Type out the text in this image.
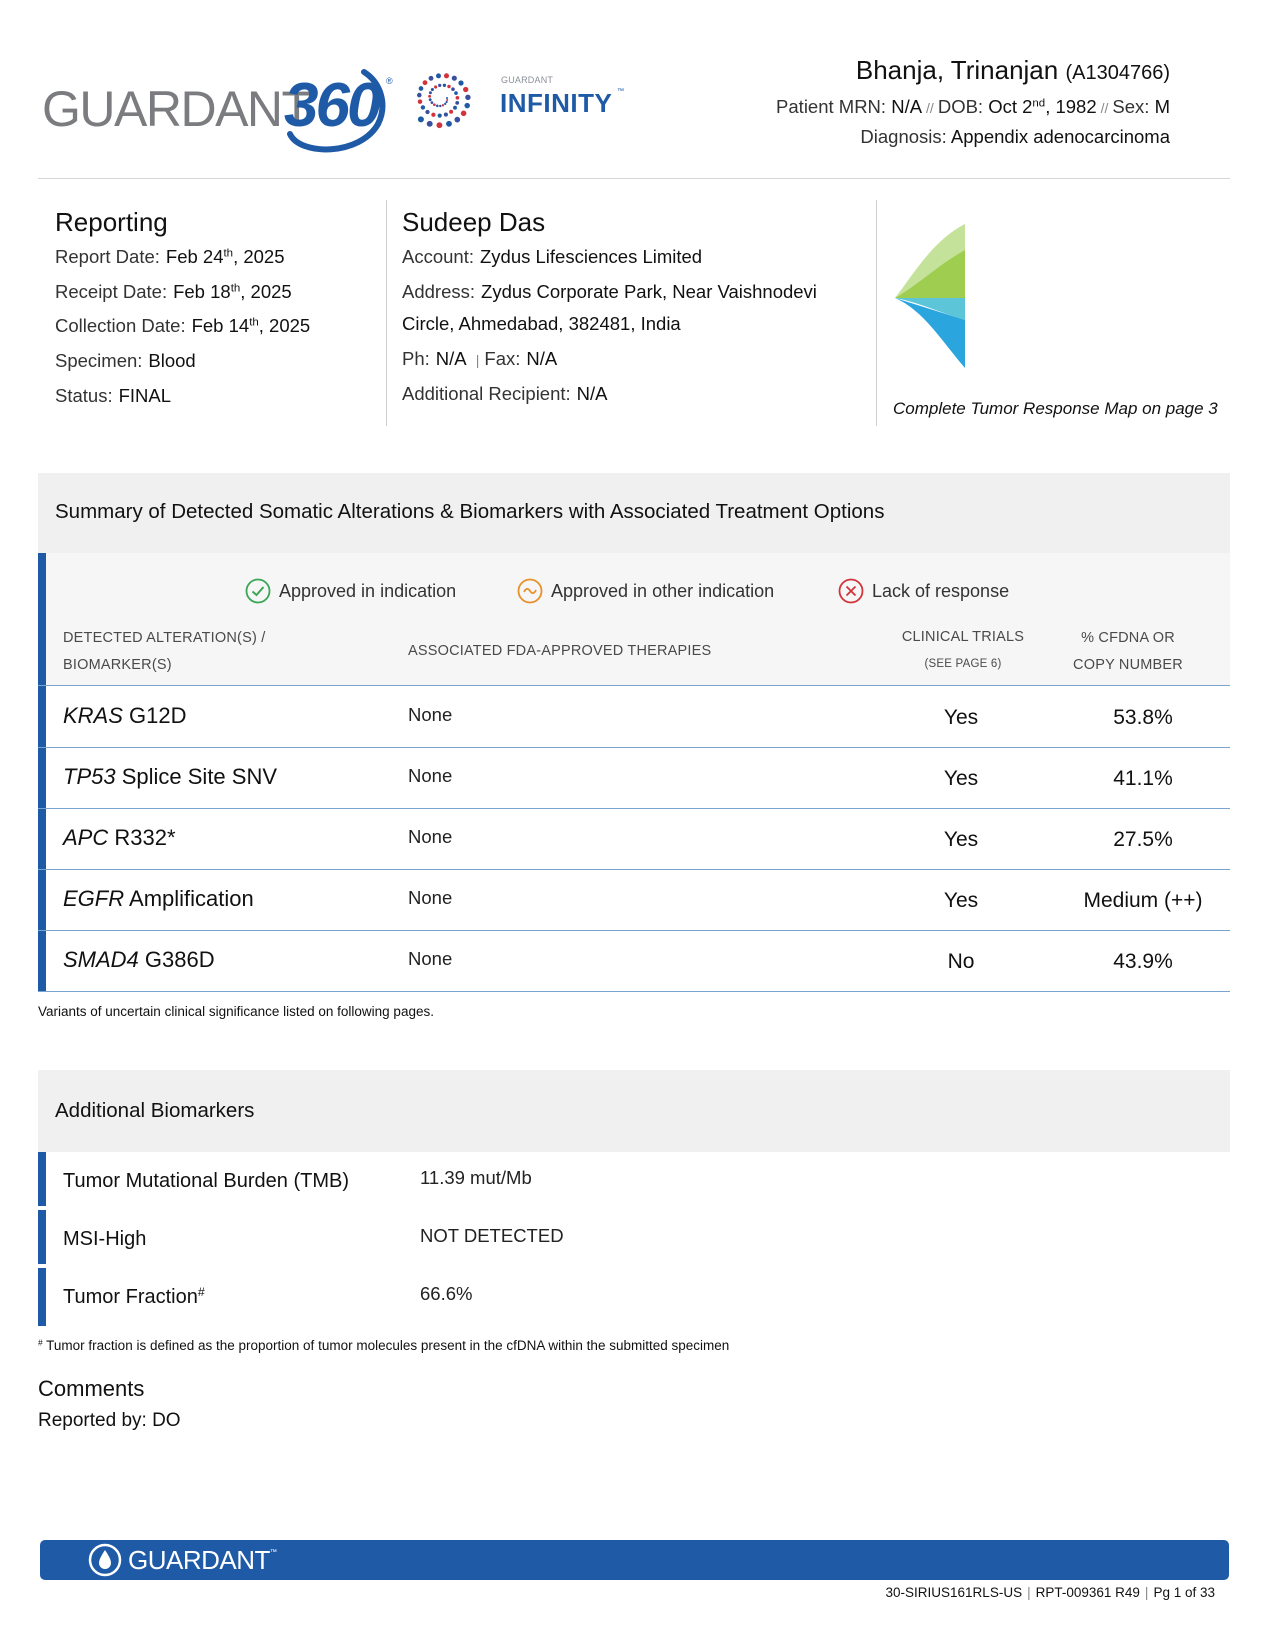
GUARDANT
360 ®	GUARDANT
INFINITY ™
Bhanja, Trinanjan (A1304766)
Patient MRN: N/A // DOB: Oct 2nd, 1982 // Sex: M
Diagnosis: Appendix adenocarcinoma
Reporting
Report Date: Feb 24th, 2025
Receipt Date: Feb 18th, 2025
Collection Date: Feb 14th, 2025
Specimen: Blood
Status: FINAL
Sudeep Das
Account: Zydus Lifesciences Limited
Address: Zydus Corporate Park, Near Vaishnodevi
Circle, Ahmedabad, 382481, India
Ph: N/A | Fax: N/A
Additional Recipient: N/A
Complete Tumor Response Map on page 3
Summary of Detected Somatic Alterations & Biomarkers with Associated Treatment Options
Approved in indication	Approved in other indication	Lack of response
DETECTED ALTERATION(S) /
BIOMARKER(S)
ASSOCIATED FDA-APPROVED THERAPIES
CLINICAL TRIALS
(SEE PAGE 6)
% CFDNA OR
COPY NUMBER
KRAS G12D	None	Yes	53.8%
TP53 Splice Site SNV	None	Yes	41.1%
APC R332*	None	Yes	27.5%
EGFR Amplification	None	Yes	Medium (++)
SMAD4 G386D	None	No	43.9%
Variants of uncertain clinical significance listed on following pages.
Additional Biomarkers
Tumor Mutational Burden (TMB)	11.39 mut/Mb
MSI-High	NOT DETECTED
Tumor Fraction#	66.6%
# Tumor fraction is defined as the proportion of tumor molecules present in the cfDNA within the submitted specimen
Comments
Reported by: DO
GUARDANT ™
30-SIRIUS161RLS-US | RPT-009361 R49 | Pg 1 of 33
